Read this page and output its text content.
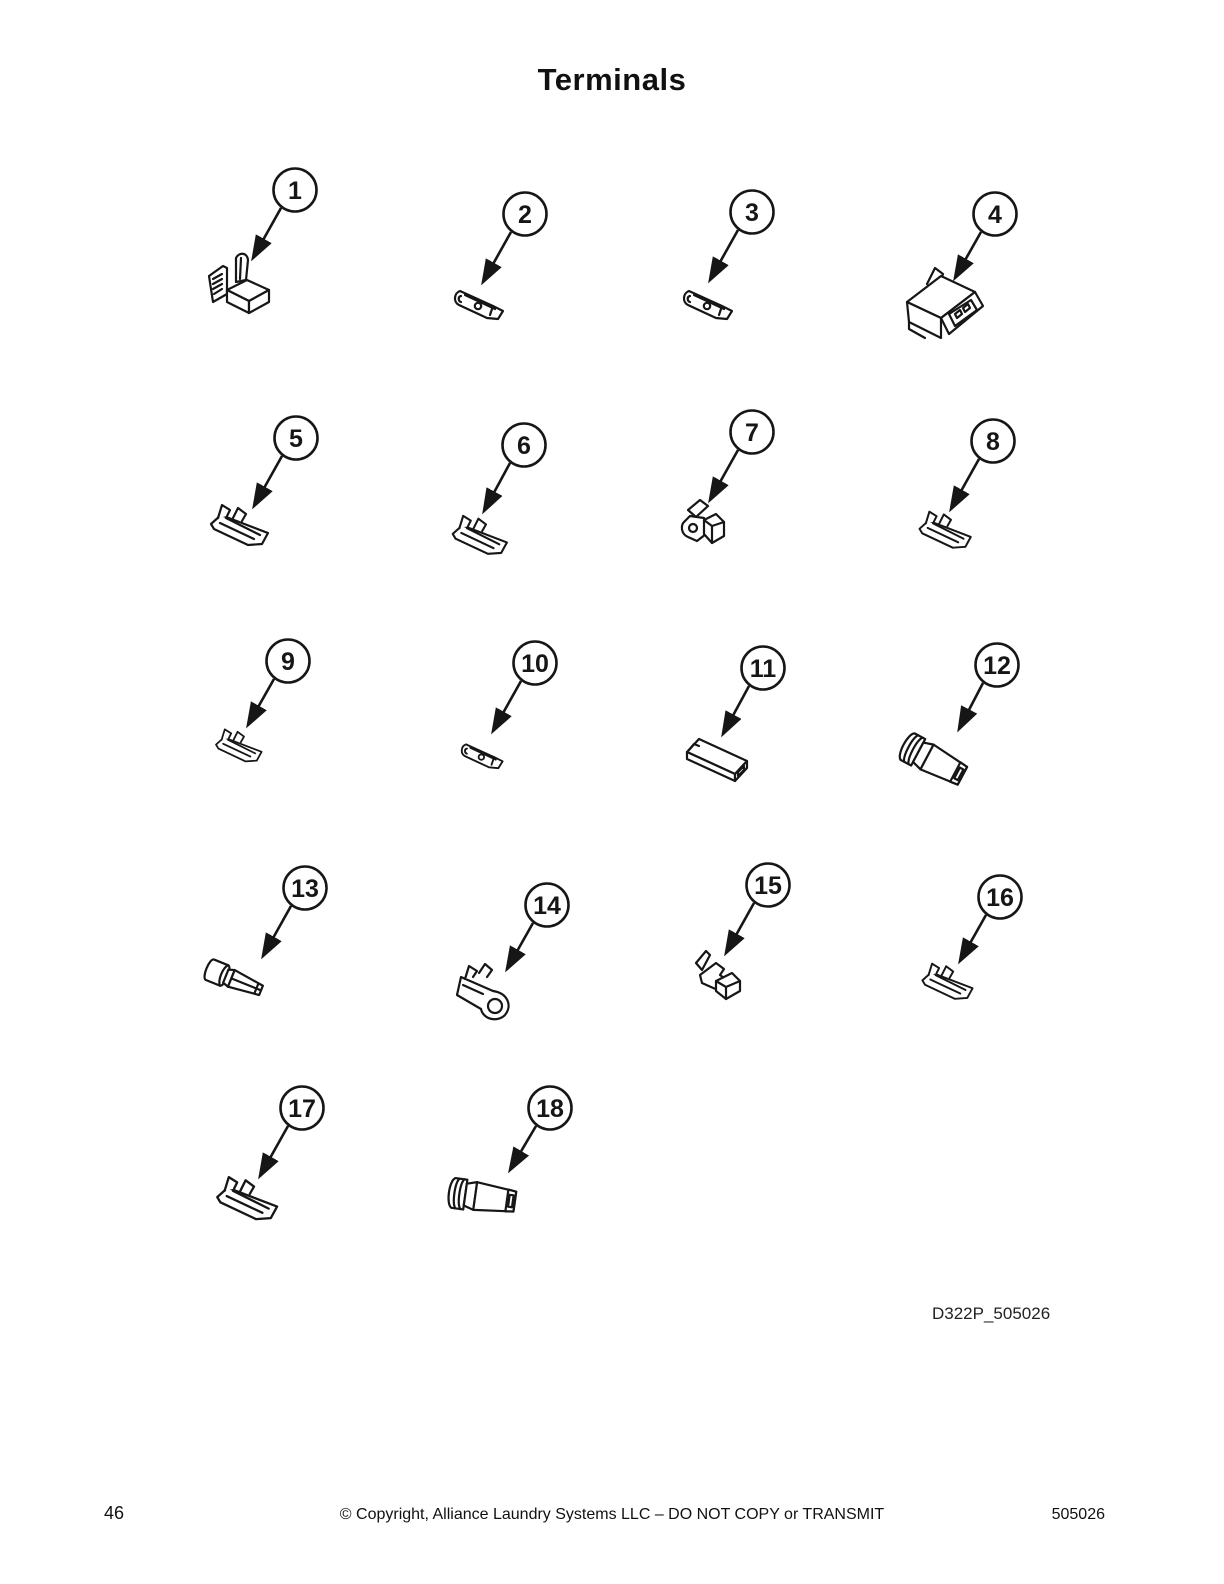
Terminals
1
2	3	4
5	6	7	8
9	10	11	12
13
14
15	16
17	18
D322P_505026
46	© Copyright, Alliance Laundry Systems LLC – DO NOT COPY or TRANSMIT	505026
